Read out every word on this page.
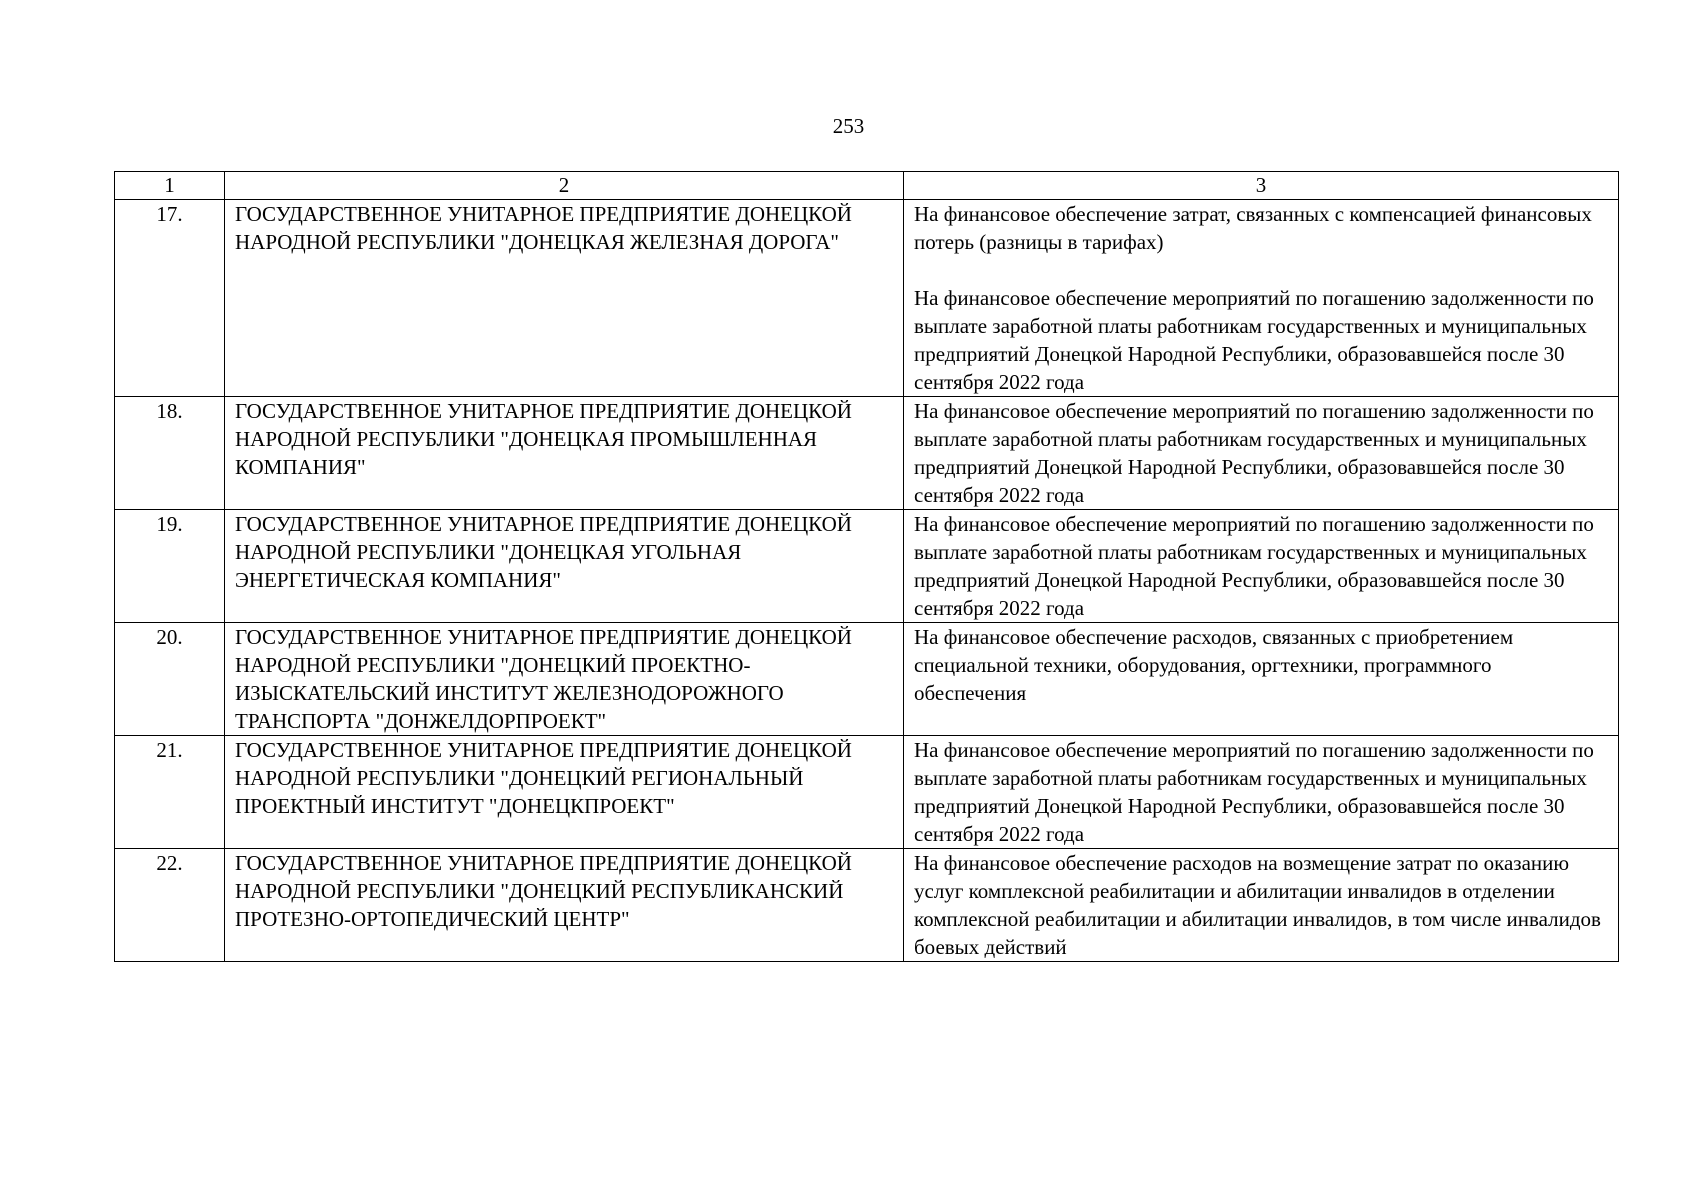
253
1	2	3
17.	ГОСУДАРСТВЕННОЕ УНИТАРНОЕ ПРЕДПРИЯТИЕ ДОНЕЦКОЙ НАРОДНОЙ РЕСПУБЛИКИ "ДОНЕЦКАЯ ЖЕЛЕЗНАЯ ДОРОГА"	На финансовое обеспечение затрат, связанных с компенсацией финансовых потерь (разницы в тарифах)
На финансовое обеспечение мероприятий по погашению задолженности по выплате заработной платы работникам государственных и муниципальных предприятий Донецкой Народной Республики, образовавшейся после 30 сентября 2022 года

18.	ГОСУДАРСТВЕННОЕ УНИТАРНОЕ ПРЕДПРИЯТИЕ ДОНЕЦКОЙ НАРОДНОЙ РЕСПУБЛИКИ "ДОНЕЦКАЯ ПРОМЫШЛЕННАЯ КОМПАНИЯ"	На финансовое обеспечение мероприятий по погашению задолженности по выплате заработной платы работникам государственных и муниципальных предприятий Донецкой Народной Республики, образовавшейся после 30 сентября 2022 года

19.	ГОСУДАРСТВЕННОЕ УНИТАРНОЕ ПРЕДПРИЯТИЕ ДОНЕЦКОЙ НАРОДНОЙ РЕСПУБЛИКИ "ДОНЕЦКАЯ УГОЛЬНАЯ ЭНЕРГЕТИЧЕСКАЯ КОМПАНИЯ"	На финансовое обеспечение мероприятий по погашению задолженности по выплате заработной платы работникам государственных и муниципальных предприятий Донецкой Народной Республики, образовавшейся после 30 сентября 2022 года

20.	ГОСУДАРСТВЕННОЕ УНИТАРНОЕ ПРЕДПРИЯТИЕ ДОНЕЦКОЙ НАРОДНОЙ РЕСПУБЛИКИ "ДОНЕЦКИЙ ПРОЕКТНО-ИЗЫСКАТЕЛЬСКИЙ ИНСТИТУТ ЖЕЛЕЗНОДОРОЖНОГО ТРАНСПОРТА "ДОНЖЕЛДОРПРОЕКТ"	На финансовое обеспечение расходов, связанных с приобретением специальной техники, оборудования, оргтехники, программного обеспечения

21.	ГОСУДАРСТВЕННОЕ УНИТАРНОЕ ПРЕДПРИЯТИЕ ДОНЕЦКОЙ НАРОДНОЙ РЕСПУБЛИКИ "ДОНЕЦКИЙ РЕГИОНАЛЬНЫЙ ПРОЕКТНЫЙ ИНСТИТУТ "ДОНЕЦКПРОЕКТ"	На финансовое обеспечение мероприятий по погашению задолженности по выплате заработной платы работникам государственных и муниципальных предприятий Донецкой Народной Республики, образовавшейся после 30 сентября 2022 года

22.	ГОСУДАРСТВЕННОЕ УНИТАРНОЕ ПРЕДПРИЯТИЕ ДОНЕЦКОЙ НАРОДНОЙ РЕСПУБЛИКИ "ДОНЕЦКИЙ РЕСПУБЛИКАНСКИЙ ПРОТЕЗНО-ОРТОПЕДИЧЕСКИЙ ЦЕНТР"	На финансовое обеспечение расходов на возмещение затрат по оказанию услуг комплексной реабилитации и абилитации инвалидов в отделении комплексной реабилитации и абилитации инвалидов, в том числе инвалидов боевых действий
